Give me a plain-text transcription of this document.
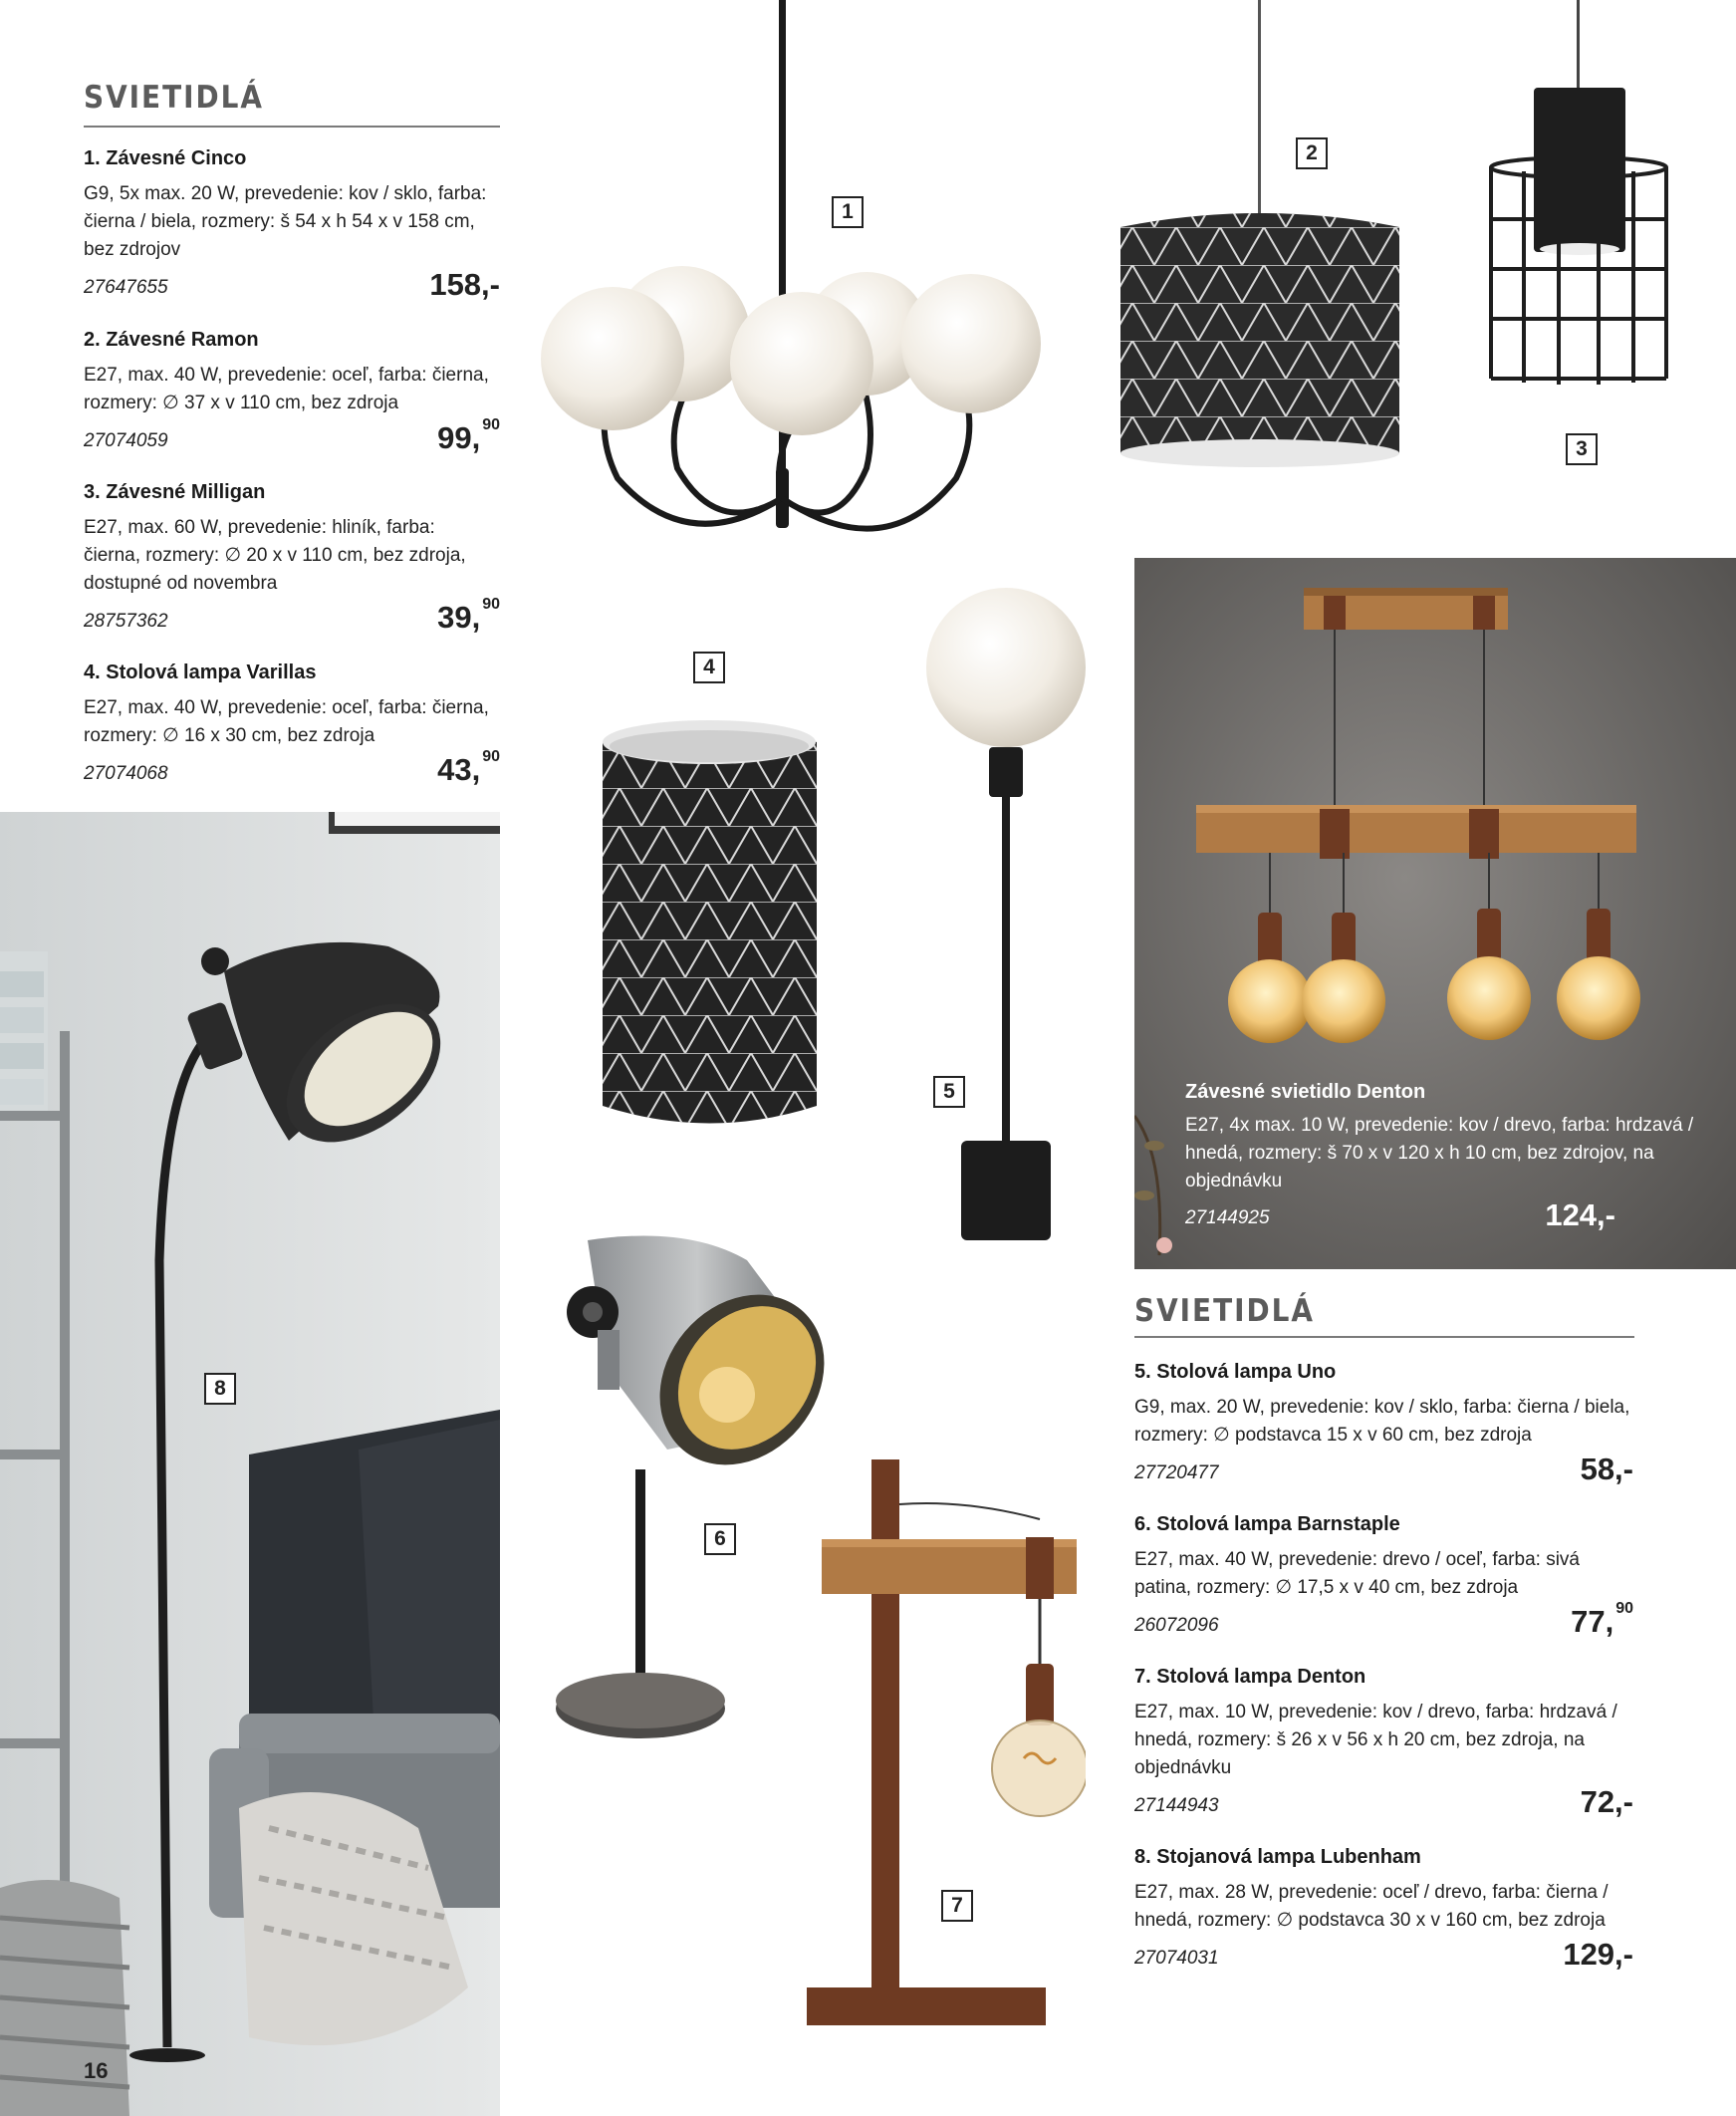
SVIETIDLÁ
1. Závesné Cinco
G9, 5x max. 20 W, prevedenie: kov / sklo, farba: čierna / biela, rozmery: š 54 x h 54 x v 158 cm, bez zdrojov
27647655	158,-
2. Závesné Ramon
E27, max. 40 W, prevedenie: oceľ, farba: čierna, rozmery: ∅ 37 x v 110 cm, bez zdroja
27074059	99, $^{90}$
3. Závesné Milligan
E27, max. 60 W, prevedenie: hliník, farba: čierna, rozmery: ∅ 20 x v 110 cm, bez zdroja, dostupné od novembra
28757362	39, $^{90}$
4. Stolová lampa Varillas
E27, max. 40 W, prevedenie: oceľ, farba: čierna, rozmery: ∅ 16 x 30 cm, bez zdroja
27074068	43, $^{90}$
8
16
1
2
3
4
5	Závesné svietidlo Denton
E27, 4x max. 10 W, prevedenie: kov / drevo, farba: hrdzavá / hnedá, rozmery: š 70 x v 120 x h 10 cm, bez zdrojov, na objednávku
27144925	124,-
6
7
SVIETIDLÁ
5. Stolová lampa Uno
G9, max. 20 W, prevedenie: kov / sklo, farba: čierna / biela, rozmery: ∅ podstavca 15 x v 60 cm, bez zdroja
27720477	58,-
6. Stolová lampa Barnstaple
E27, max. 40 W, prevedenie: drevo / oceľ, farba: sivá patina, rozmery: ∅ 17,5 x v 40 cm, bez zdroja
26072096	77, $^{90}$
7. Stolová lampa Denton
E27, max. 10 W, prevedenie: kov / drevo, farba: hrdzavá / hnedá, rozmery: š 26 x v 56 x h 20 cm, bez zdroja, na objednávku
27144943	72,-
8. Stojanová lampa Lubenham
E27, max. 28 W, prevedenie: oceľ / drevo, farba: čierna / hnedá, rozmery: ∅ podstavca 30 x v 160 cm, bez zdroja
27074031	129,-
